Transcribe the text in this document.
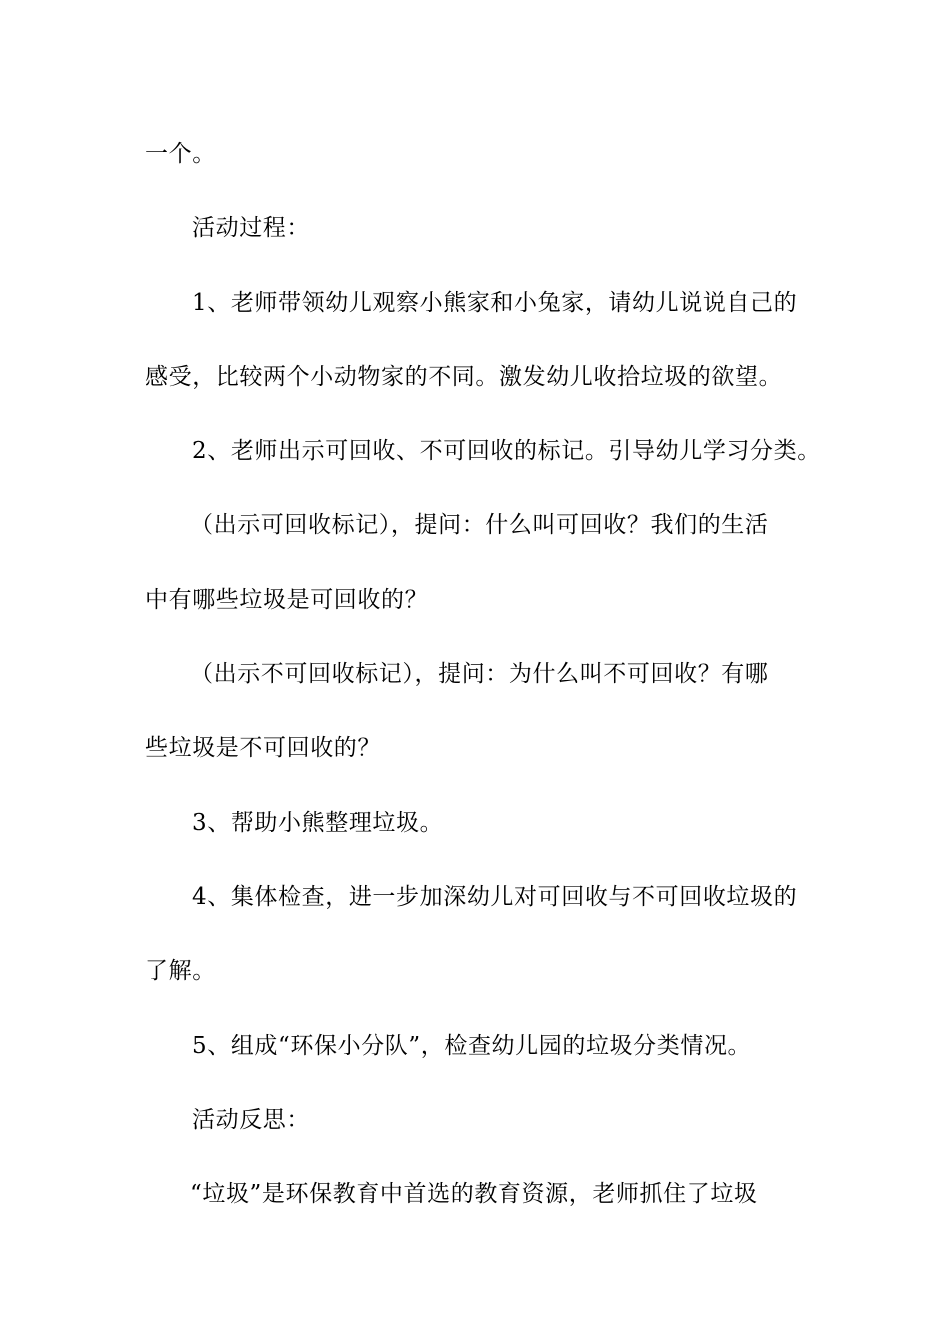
一个。
活动过程：
1、老师带领幼儿观察小熊家和小兔家，请幼儿说说自己的
感受，比较两个小动物家的不同。激发幼儿收拾垃圾的欲望。
2、老师出示可回收、不可回收的标记。引导幼儿学习分类。
（出示可回收标记），提问：什么叫可回收？我们的生活
中有哪些垃圾是可回收的？
（出示不可回收标记），提问：为什么叫不可回收？有哪
些垃圾是不可回收的？
3、帮助小熊整理垃圾。
4、集体检查，进一步加深幼儿对可回收与不可回收垃圾的
了解。
5、组成“环保小分队”，检查幼儿园的垃圾分类情况。
活动反思：
“垃圾”是环保教育中首选的教育资源，老师抓住了垃圾
